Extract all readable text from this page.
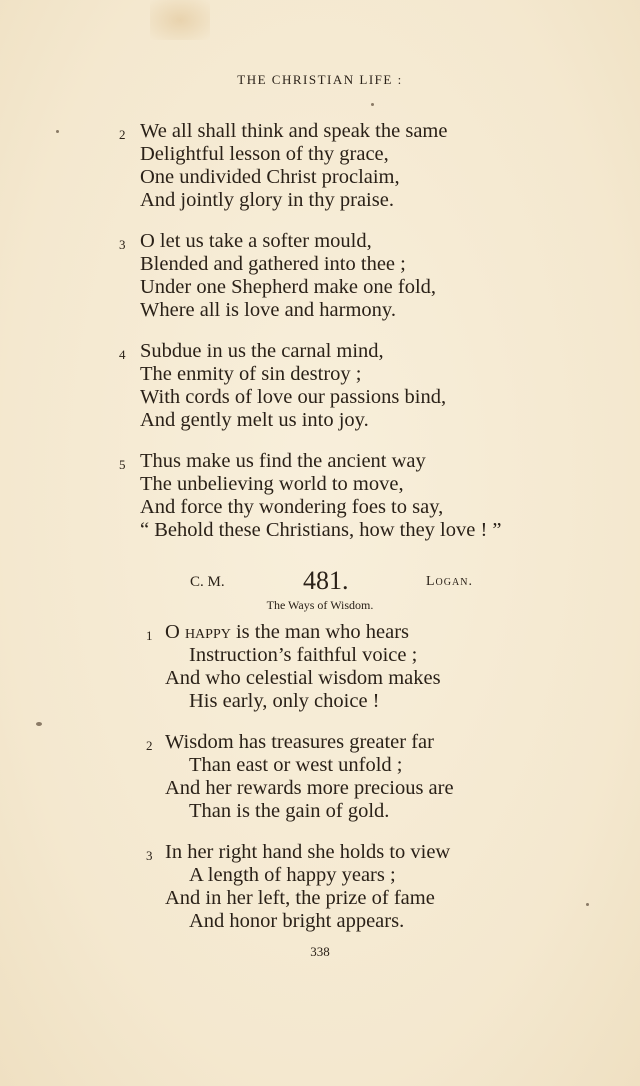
THE CHRISTIAN LIFE :
2 We all shall think and speak the same
Delightful lesson of thy grace,
One undivided Christ proclaim,
And jointly glory in thy praise.
3 O let us take a softer mould,
Blended and gathered into thee ;
Under one Shepherd make one fold,
Where all is love and harmony.
4 Subdue in us the carnal mind,
The enmity of sin destroy ;
With cords of love our passions bind,
And gently melt us into joy.
5 Thus make us find the ancient way
The unbelieving world to move,
And force thy wondering foes to say,
“ Behold these Christians, how they love ! ”
C. M.	481.	Logan.
The Ways of Wisdom.
1 O happy is the man who hears
Instruction’s faithful voice ;
And who celestial wisdom makes
His early, only choice !
2 Wisdom has treasures greater far
Than east or west unfold ;
And her rewards more precious are
Than is the gain of gold.
3 In her right hand she holds to view
A length of happy years ;
And in her left, the prize of fame
And honor bright appears.
338
